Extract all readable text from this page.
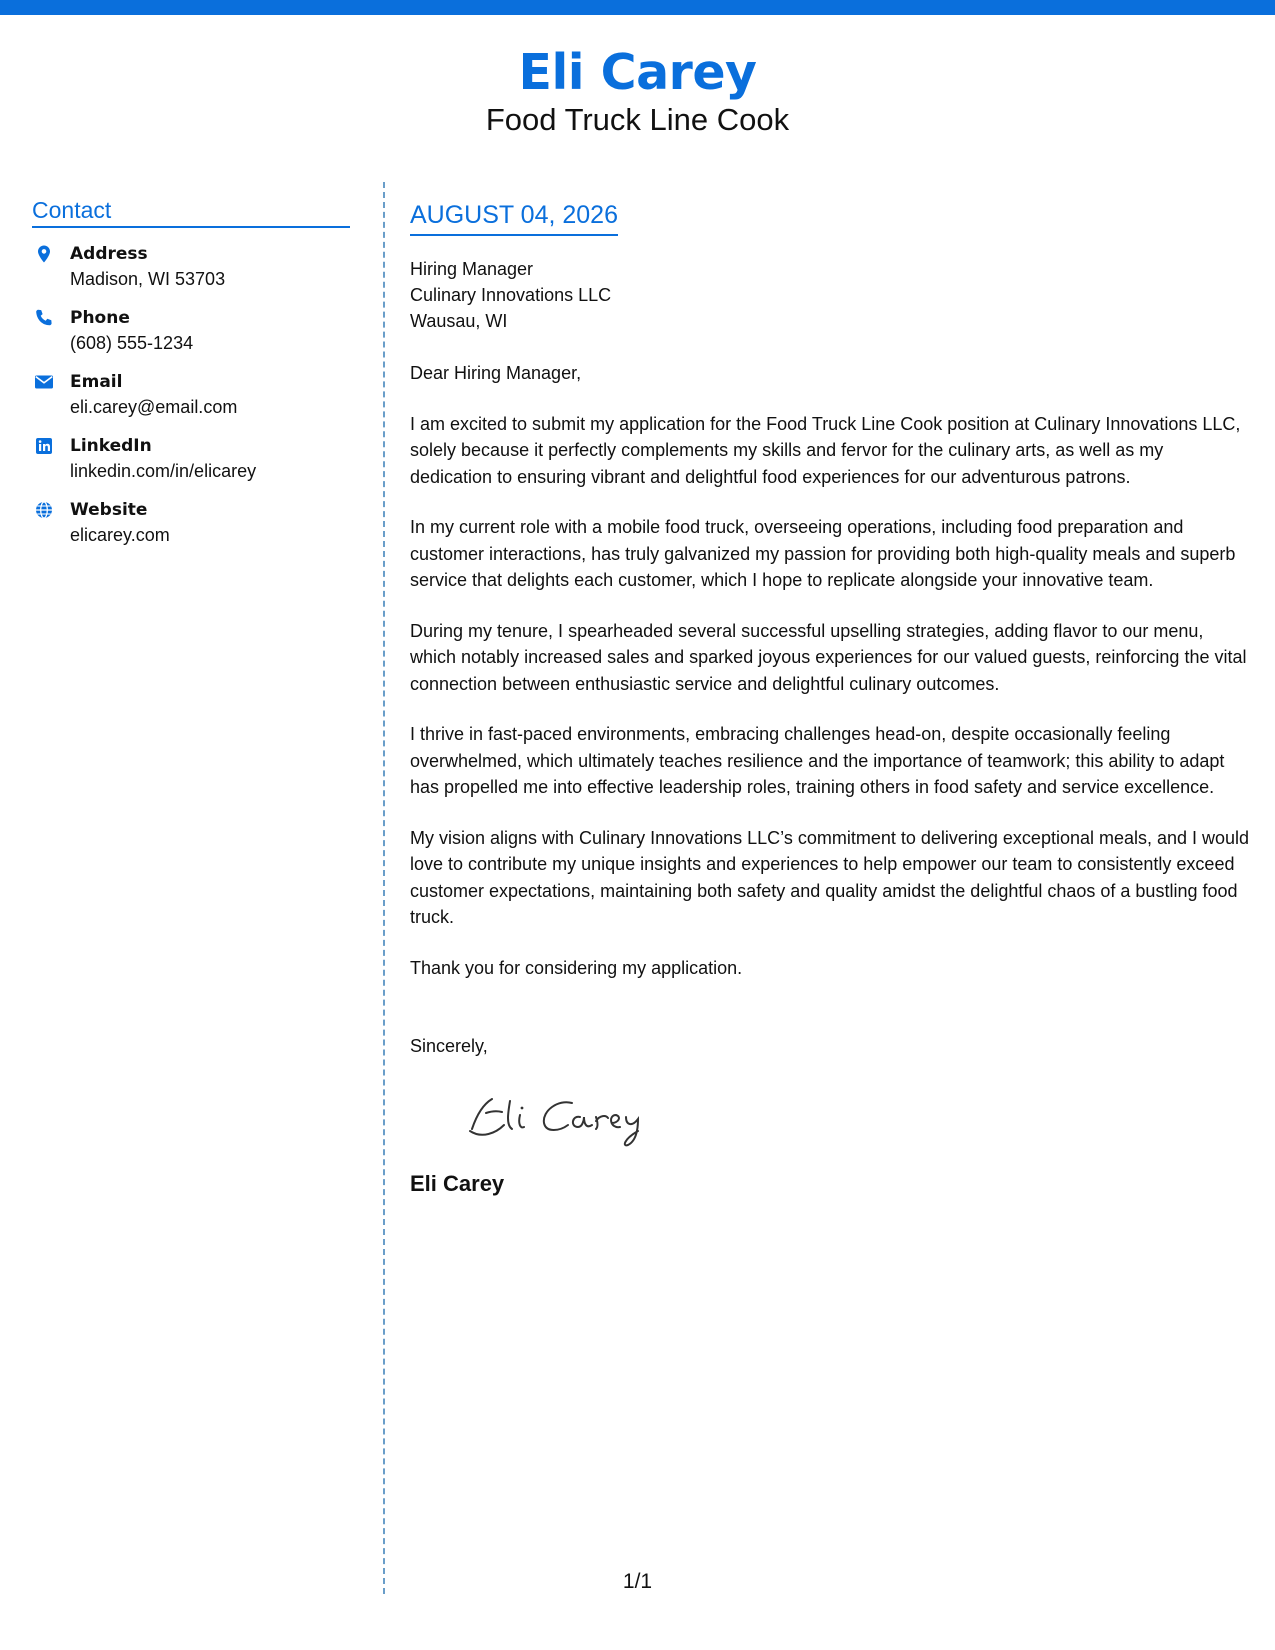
Eli Carey
Food Truck Line Cook
Contact
Address
Madison, WI 53703
Phone
(608) 555-1234
Email
eli.carey@email.com
LinkedIn
linkedin.com/in/elicarey
Website
elicarey.com
AUGUST 04, 2026
Hiring Manager
Culinary Innovations LLC
Wausau, WI
Dear Hiring Manager,
I am excited to submit my application for the Food Truck Line Cook position at Culinary Innovations LLC, solely because it perfectly complements my skills and fervor for the culinary arts, as well as my dedication to ensuring vibrant and delightful food experiences for our adventurous patrons.
In my current role with a mobile food truck, overseeing operations, including food preparation and customer interactions, has truly galvanized my passion for providing both high-quality meals and superb service that delights each customer, which I hope to replicate alongside your innovative team.
During my tenure, I spearheaded several successful upselling strategies, adding flavor to our menu, which notably increased sales and sparked joyous experiences for our valued guests, reinforcing the vital connection between enthusiastic service and delightful culinary outcomes.
I thrive in fast-paced environments, embracing challenges head-on, despite occasionally feeling overwhelmed, which ultimately teaches resilience and the importance of teamwork; this ability to adapt has propelled me into effective leadership roles, training others in food safety and service excellence.
My vision aligns with Culinary Innovations LLC’s commitment to delivering exceptional meals, and I would love to contribute my unique insights and experiences to help empower our team to consistently exceed customer expectations, maintaining both safety and quality amidst the delightful chaos of a bustling food truck.
Thank you for considering my application.
Sincerely,
Eli Carey
1/1
